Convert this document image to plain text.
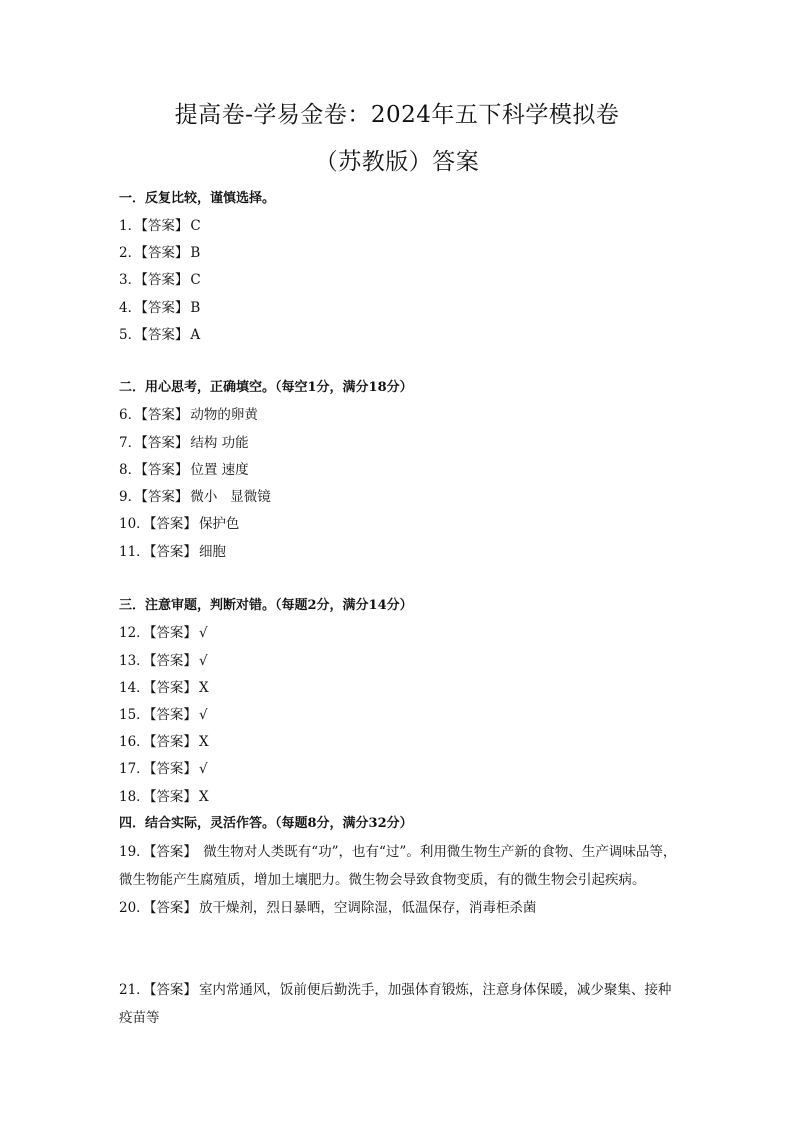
提高卷-学易金卷：2024年五下科学模拟卷
（苏教版）答案
一．反复比较，谨慎选择。
1．【答案】 C
2．【答案】 B
3．【答案】 C
4．【答案】 B
5．【答案】 A
二．用心思考，正确填空。（每空1分，满分18分）
6．【答案】 动物的卵黄
7．【答案】 结构 功能
8．【答案】 位置 速度
9．【答案】 微小   显微镜
10．【答案】 保护色
11．【答案】 细胞
三．注意审题，判断对错。（每题2分，满分14分）
12．【答案】 √
13．【答案】 √
14．【答案】 X
15．【答案】 √
16．【答案】 X
17．【答案】 √
18．【答案】 X
四．结合实际，灵活作答。（每题8分，满分32分）
19．【答案】 微生物对人类既有“功”，也有“过”。利用微生物生产新的食物、生产调味品等，微生物能产生腐殖质，增加土壤肥力。微生物会导致食物变质，有的微生物会引起疾病。
20．【答案】 放干燥剂，烈日暴晒，空调除湿，低温保存，消毒柜杀菌
21．【答案】 室内常通风，饭前便后勤洗手，加强体育锻炼，注意身体保暖，减少聚集、接种疫苗等
